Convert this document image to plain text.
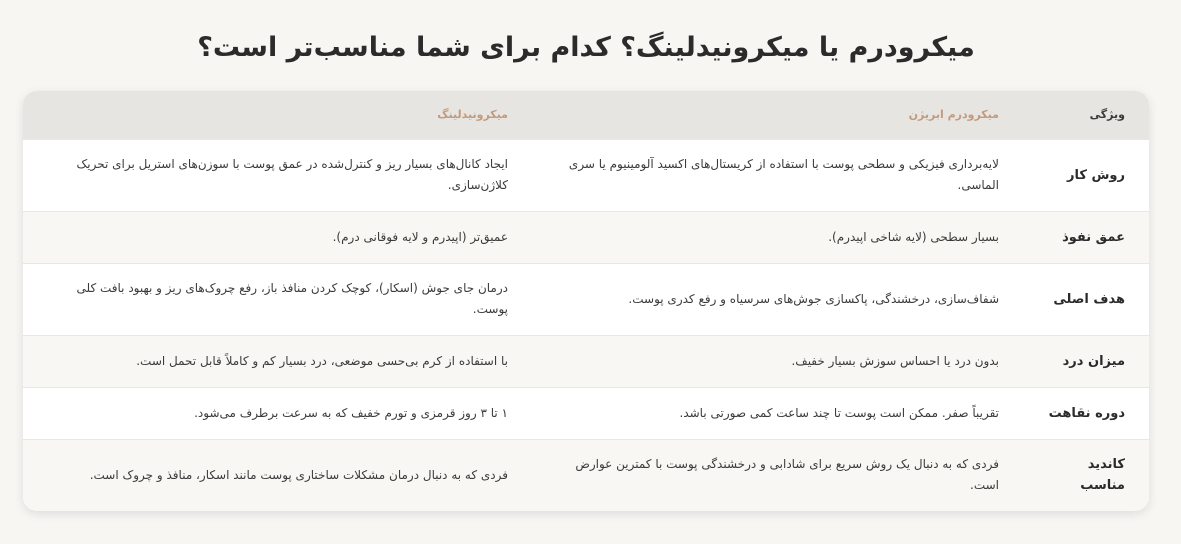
میکرودرم یا میکرونیدلینگ؟ کدام برای شما مناسب‌تر است؟
ویژگی	میکرودرم ابریژن	میکرونیدلینگ
روش کار	لایه‌برداری فیزیکی و سطحی پوست با استفاده از کریستال‌های اکسید آلومینیوم یا سری الماسی.	ایجاد کانال‌های بسیار ریز و کنترل‌شده در عمق پوست با سوزن‌های استریل برای تحریک کلاژن‌سازی.
عمق نفوذ	بسیار سطحی (لایه شاخی اپیدرم).	عمیق‌تر (اپیدرم و لایه فوقانی درم).
هدف اصلی	شفاف‌سازی، درخشندگی، پاکسازی جوش‌های سرسیاه و رفع کدری پوست.	درمان جای جوش (اسکار)، کوچک کردن منافذ باز، رفع چروک‌های ریز و بهبود بافت کلی پوست.
میزان درد	بدون درد یا احساس سوزش بسیار خفیف.	با استفاده از کرم بی‌حسی موضعی، درد بسیار کم و کاملاً قابل تحمل است.
دوره نقاهت	تقریباً صفر. ممکن است پوست تا چند ساعت کمی صورتی باشد.	۱ تا ۳ روز قرمزی و تورم خفیف که به سرعت برطرف می‌شود.
کاندید مناسب	فردی که به دنبال یک روش سریع برای شادابی و درخشندگی پوست با کمترین عوارض است.	فردی که به دنبال درمان مشکلات ساختاری پوست مانند اسکار، منافذ و چروک است.
